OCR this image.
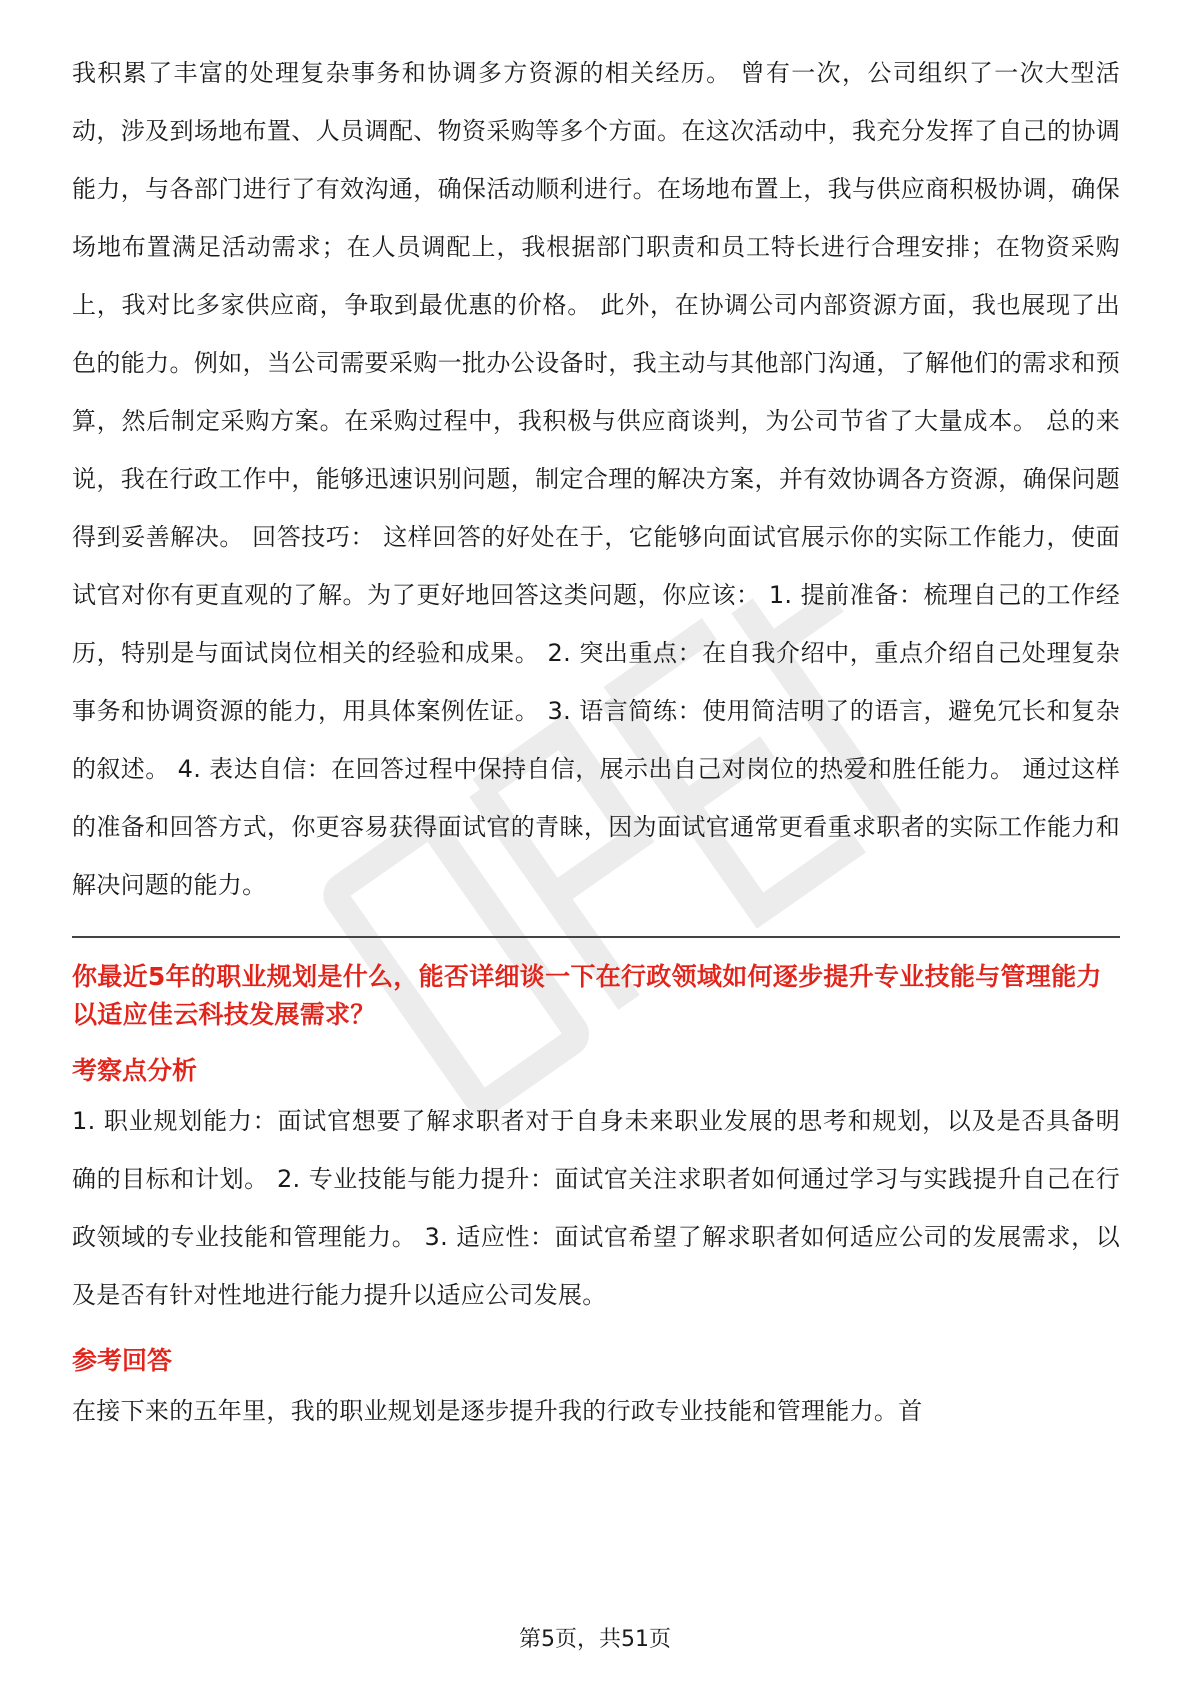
我积累了丰富的处理复杂事务和协调多方资源的相关经历。 曾有一次，公司组织了一次大型活动，涉及到场地布置、人员调配、物资采购等多个方面。在这次活动中，我充分发挥了自己的协调能力，与各部门进行了有效沟通，确保活动顺利进行。在场地布置上，我与供应商积极协调，确保场地布置满足活动需求；在人员调配上，我根据部门职责和员工特长进行合理安排；在物资采购上，我对比多家供应商，争取到最优惠的价格。 此外，在协调公司内部资源方面，我也展现了出色的能力。例如，当公司需要采购一批办公设备时，我主动与其他部门沟通，了解他们的需求和预算，然后制定采购方案。在采购过程中，我积极与供应商谈判，为公司节省了大量成本。 总的来说，我在行政工作中，能够迅速识别问题，制定合理的解决方案，并有效协调各方资源，确保问题得到妥善解决。 回答技巧： 这样回答的好处在于，它能够向面试官展示你的实际工作能力，使面试官对你有更直观的了解。为了更好地回答这类问题，你应该： 1. 提前准备：梳理自己的工作经历，特别是与面试岗位相关的经验和成果。 2. 突出重点：在自我介绍中，重点介绍自己处理复杂事务和协调资源的能力，用具体案例佐证。 3. 语言简练：使用简洁明了的语言，避免冗长和复杂的叙述。 4. 表达自信：在回答过程中保持自信，展示出自己对岗位的热爱和胜任能力。 通过这样的准备和回答方式，你更容易获得面试官的青睐，因为面试官通常更看重求职者的实际工作能力和解决问题的能力。

你最近5年的职业规划是什么，能否详细谈一下在行政领域如何逐步提升专业技能与管理能力以适应佳云科技发展需求？

考察点分析

1. 职业规划能力：面试官想要了解求职者对于自身未来职业发展的思考和规划，以及是否具备明确的目标和计划。 2. 专业技能与能力提升：面试官关注求职者如何通过学习与实践提升自己在行政领域的专业技能和管理能力。 3. 适应性：面试官希望了解求职者如何适应公司的发展需求，以及是否有针对性地进行能力提升以适应公司发展。

参考回答

在接下来的五年里，我的职业规划是逐步提升我的行政专业技能和管理能力。首

第5页，共51页
